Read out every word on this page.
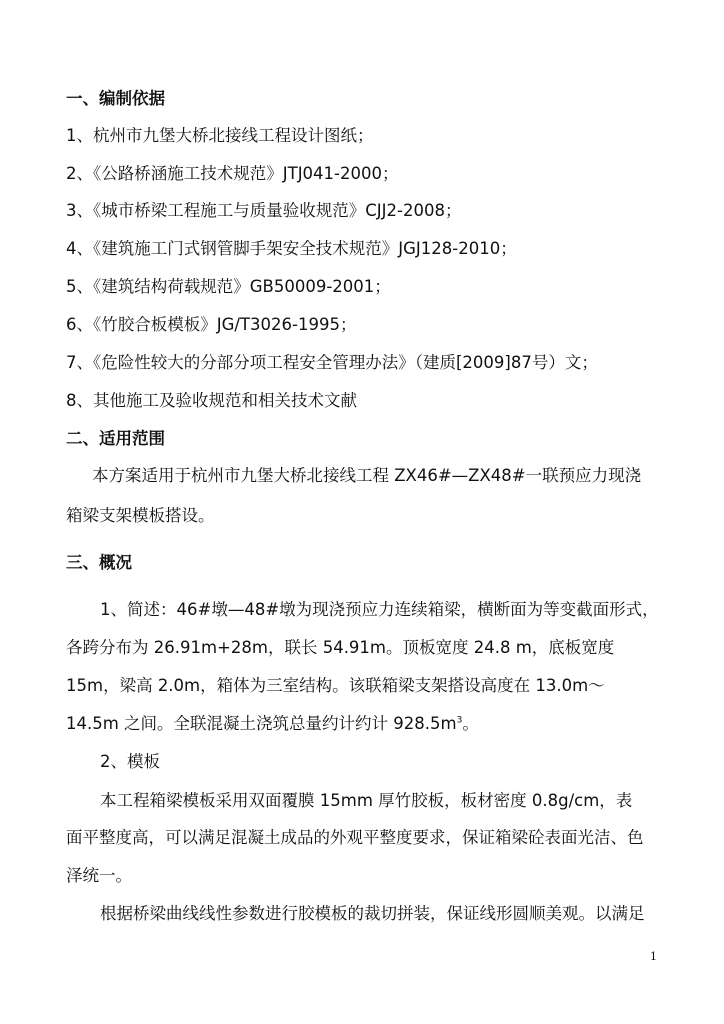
一、编制依据
1、杭州市九堡大桥北接线工程设计图纸；
2、《公路桥涵施工技术规范》JTJ041-2000；
3、《城市桥梁工程施工与质量验收规范》CJJ2-2008；
4、《建筑施工门式钢管脚手架安全技术规范》JGJ128-2010；
5、《建筑结构荷载规范》GB50009-2001；
6、《竹胶合板模板》JG/T3026-1995；
7、《危险性较大的分部分项工程安全管理办法》（建质[2009]87号）文；
8、其他施工及验收规范和相关技术文献
二、适用范围
本方案适用于杭州市九堡大桥北接线工程 ZX46#—ZX48#一联预应力现浇
箱梁支架模板搭设。
三、概况
1、简述：46#墩—48#墩为现浇预应力连续箱梁，横断面为等变截面形式，
各跨分布为 26.91m+28m，联长 54.91m。顶板宽度 24.8 m，底板宽度
15m，梁高 2.0m，箱体为三室结构。该联箱梁支架搭设高度在 13.0m～
14.5m 之间。全联混凝土浇筑总量约计约计 $928.5m^3$。
2、模板
本工程箱梁模板采用双面覆膜 15mm 厚竹胶板，板材密度 0.8g/cm，表
面平整度高，可以满足混凝土成品的外观平整度要求，保证箱梁砼表面光洁、色
泽统一。
根据桥梁曲线线性参数进行胶模板的裁切拼装，保证线形圆顺美观。以满足
1
